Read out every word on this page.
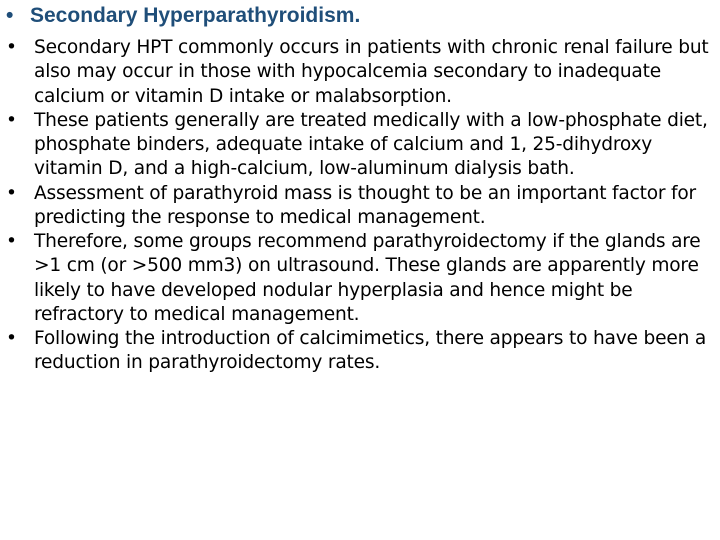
• Secondary Hyperparathyroidism.
• Secondary HPT commonly occurs in patients with chronic renal failure but also may occur in those with hypocalcemia secondary to inadequate calcium or vitamin D intake or malabsorption.
• These patients generally are treated medically with a low-phosphate diet, phosphate binders, adequate intake of calcium and 1, 25-dihydroxy vitamin D, and a high-calcium, low-aluminum dialysis bath.
• Assessment of parathyroid mass is thought to be an important factor for predicting the response to medical management.
• Therefore, some groups recommend parathyroidectomy if the glands are >1 cm (or >500 mm3) on ultrasound. These glands are apparently more likely to have developed nodular hyperplasia and hence might be refractory to medical management.
• Following the introduction of calcimimetics, there appears to have been a reduction in parathyroidectomy rates.
